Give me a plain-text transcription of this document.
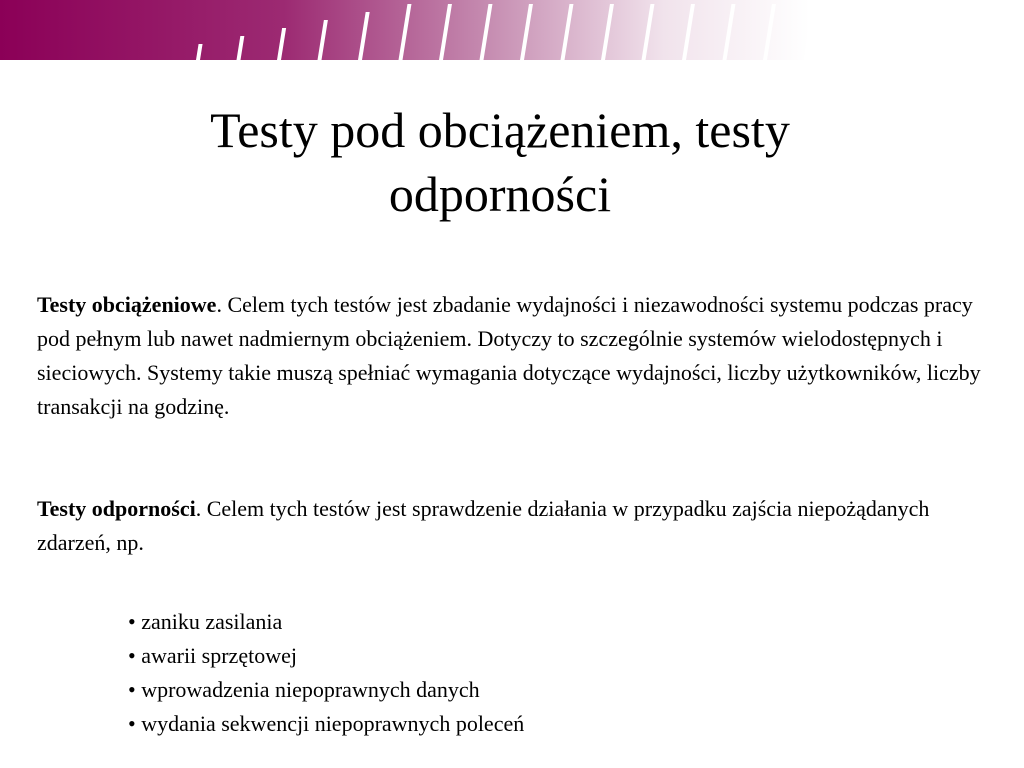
Testy pod obciążeniem, testy
odporności

Testy obciążeniowe. Celem tych testów jest zbadanie wydajności i niezawodności systemu podczas pracy pod pełnym lub nawet nadmiernym obciążeniem. Dotyczy to szczególnie systemów wielodostępnych i sieciowych. Systemy takie muszą spełniać wymagania dotyczące wydajności, liczby użytkowników, liczby transakcji na godzinę.

Testy odporności. Celem tych testów jest sprawdzenie działania w przypadku zajścia niepożądanych zdarzeń, np.

• zaniku zasilania
• awarii sprzętowej
• wprowadzenia niepoprawnych danych
• wydania sekwencji niepoprawnych poleceń
